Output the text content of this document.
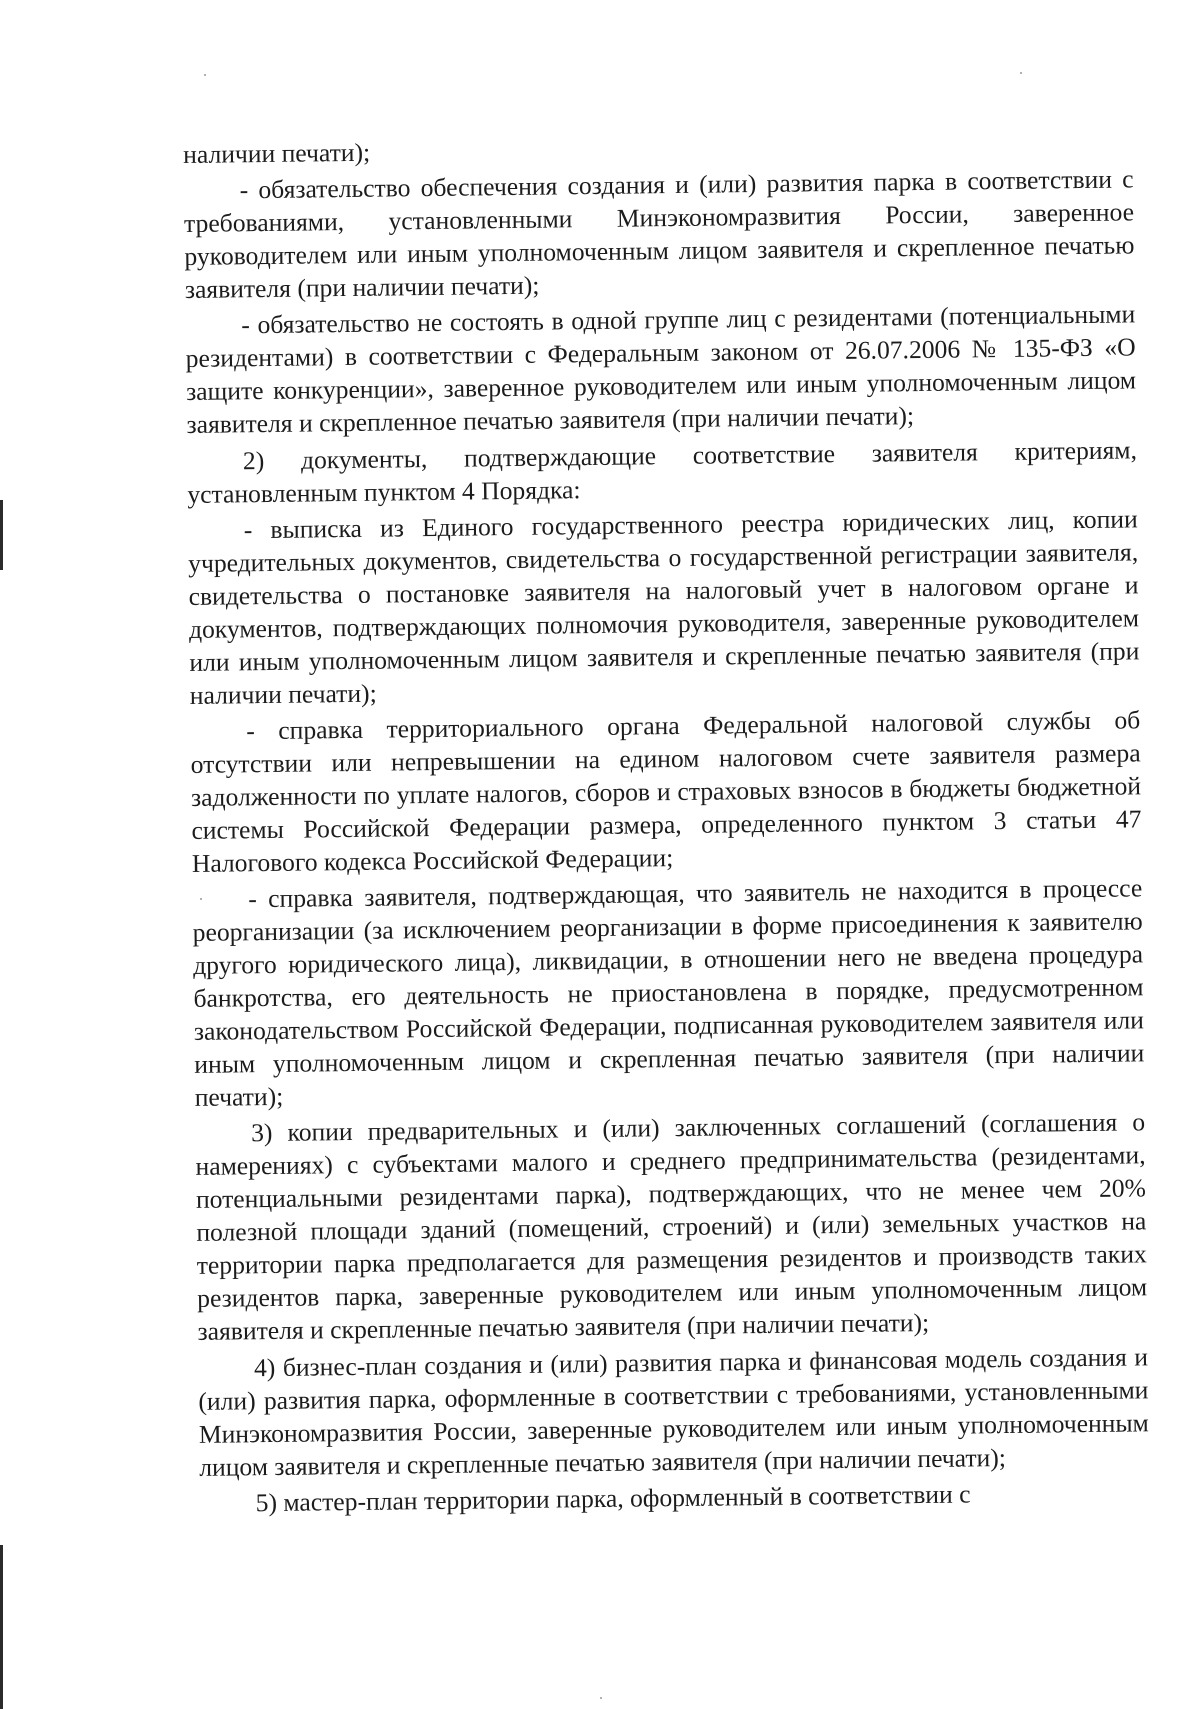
наличии печати);

- обязательство обеспечения создания и (или) развития парка в соответствии с требованиями, установленными Минэкономразвития России, заверенное руководителем или иным уполномоченным лицом заявителя и скрепленное печатью заявителя (при наличии печати);

- обязательство не состоять в одной группе лиц с резидентами (потенциальными резидентами) в соответствии с Федеральным законом от 26.07.2006 № 135-ФЗ «О защите конкуренции», заверенное руководителем или иным уполномоченным лицом заявителя и скрепленное печатью заявителя (при наличии печати);

2) документы, подтверждающие соответствие заявителя критериям, установленным пунктом 4 Порядка:

- выписка из Единого государственного реестра юридических лиц, копии учредительных документов, свидетельства о государственной регистрации заявителя, свидетельства о постановке заявителя на налоговый учет в налоговом органе и документов, подтверждающих полномочия руководителя, заверенные руководителем или иным уполномоченным лицом заявителя и скрепленные печатью заявителя (при наличии печати);

- справка территориального органа Федеральной налоговой службы об отсутствии или непревышении на едином налоговом счете заявителя размера задолженности по уплате налогов, сборов и страховых взносов в бюджеты бюджетной системы Российской Федерации размера, определенного пунктом 3 статьи 47 Налогового кодекса Российской Федерации;

- справка заявителя, подтверждающая, что заявитель не находится в процессе реорганизации (за исключением реорганизации в форме присоединения к заявителю другого юридического лица), ликвидации, в отношении него не введена процедура банкротства, его деятельность не приостановлена в порядке, предусмотренном законодательством Российской Федерации, подписанная руководителем заявителя или иным уполномоченным лицом и скрепленная печатью заявителя (при наличии печати);

3) копии предварительных и (или) заключенных соглашений (соглашения о намерениях) с субъектами малого и среднего предпринимательства (резидентами, потенциальными резидентами парка), подтверждающих, что не менее чем 20% полезной площади зданий (помещений, строений) и (или) земельных участков на территории парка предполагается для размещения резидентов и производств таких резидентов парка, заверенные руководителем или иным уполномоченным лицом заявителя и скрепленные печатью заявителя (при наличии печати);

4) бизнес-план создания и (или) развития парка и финансовая модель создания и (или) развития парка, оформленные в соответствии с требованиями, установленными Минэкономразвития России, заверенные руководителем или иным уполномоченным лицом заявителя и скрепленные печатью заявителя (при наличии печати);

5) мастер-план территории парка, оформленный в соответствии с
